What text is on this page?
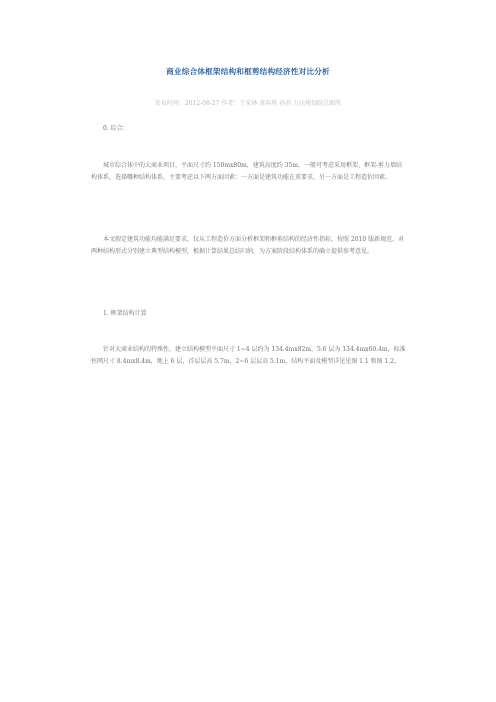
商业综合体框架结构和框剪结构经济性对比分析

发布时间：2012-08-27 作者：王家林 黄春胜 孙滨 万达规划院总图所

0. 综合：

城市综合体中的大商业项目，平面尺寸约 150mx80m，建筑高度约 35m，一般可考虑采用框架、框架-剪力墙结构体系。选择哪种结构体系，主要考虑以下两方面因素：一方面是建筑功能在重要求，另一方面是工程造价因素。

本文假定建筑功能均能满足要求，仅从工程造价方面分析框架和框剪结构的经济性指标，按照 2010 版新规范，对两种结构形式分别建立典型结构模型，根据计算结果总结归纳，为方案阶段结构体系的确立提供参考意见。

1. 框架结构计算

针对大商业结构的特殊性，建立结构模型平面尺寸 1~4 层约为 134.4mx82m，5.6 层为 134.4mx60.4m，标准柱网尺寸 8.4mx8.4m，地上 6 层，首层层高 5.7m，2~6 层层高 5.1m，结构平面及模型详见见图 1.1 和图 1.2。
